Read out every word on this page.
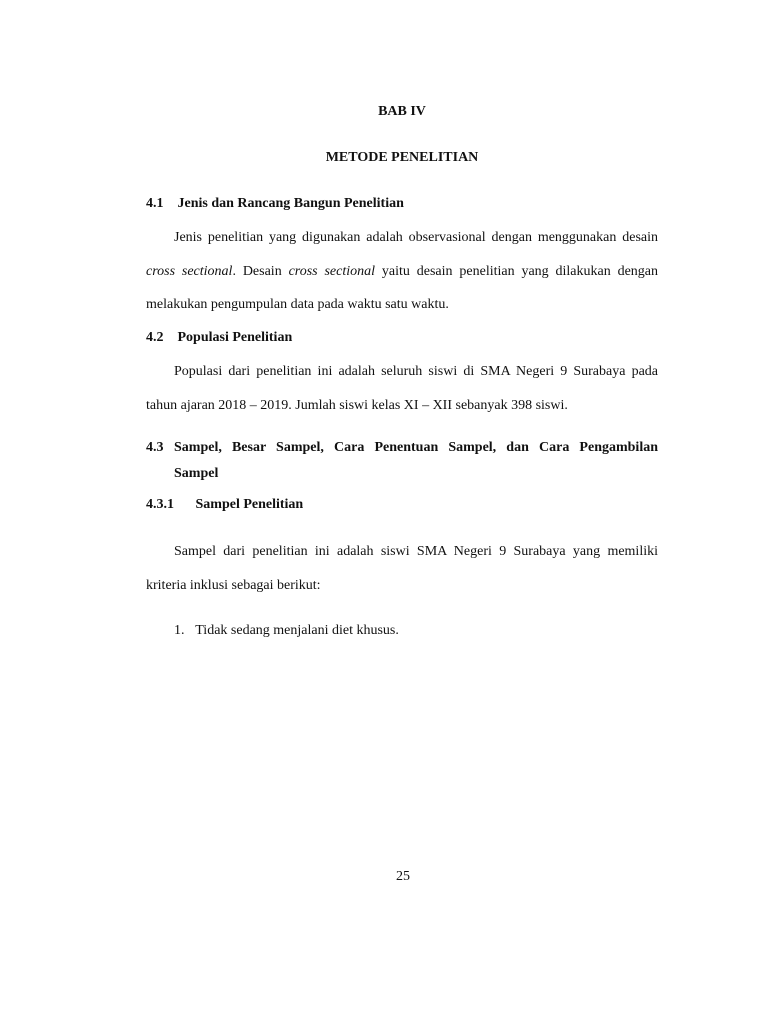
BAB IV
METODE PENELITIAN
4.1 Jenis dan Rancang Bangun Penelitian

Jenis penelitian yang digunakan adalah observasional dengan menggunakan desain cross sectional. Desain cross sectional yaitu desain penelitian yang dilakukan dengan melakukan pengumpulan data pada waktu satu waktu.

4.2 Populasi Penelitian

Populasi dari penelitian ini adalah seluruh siswi di SMA Negeri 9 Surabaya pada tahun ajaran 2018 – 2019. Jumlah siswi kelas XI – XII sebanyak 398 siswi.

4.3 Sampel, Besar Sampel, Cara Penentuan Sampel, dan Cara Pengambilan
Sampel
4.3.1 Sampel Penelitian

Sampel dari penelitian ini adalah siswi SMA Negeri 9 Surabaya yang memiliki kriteria inklusi sebagai berikut:

1. Tidak sedang menjalani diet khusus.
25
